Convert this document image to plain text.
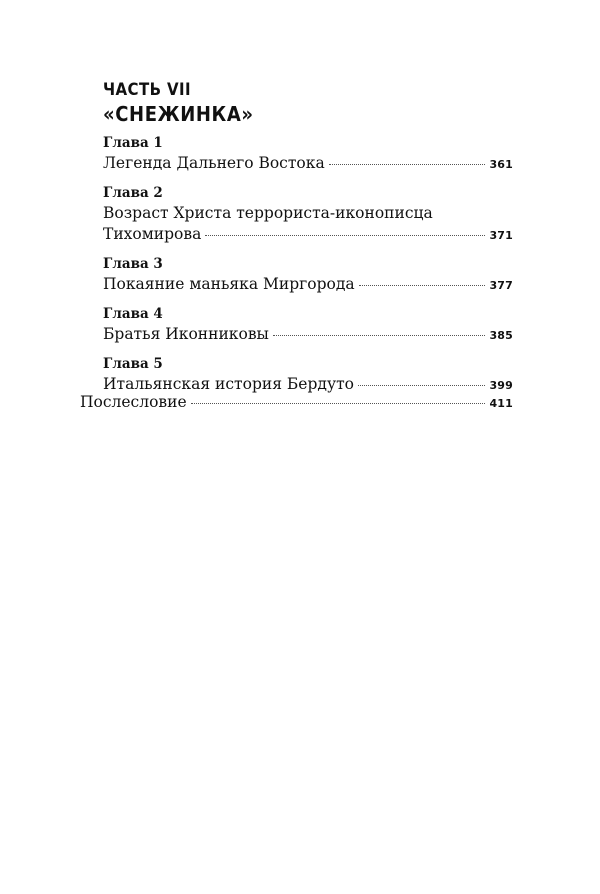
ЧАСТЬ VII
«СНЕЖИНКА»
Глава 1
Легенда Дальнего Востока	361
Глава 2
Возраст Христа террориста-иконописца
Тихомирова	371
Глава 3
Покаяние маньяка Миргорода	377
Глава 4
Братья Иконниковы	385
Глава 5
Итальянская история Бердуто	399
Послесловие	411
